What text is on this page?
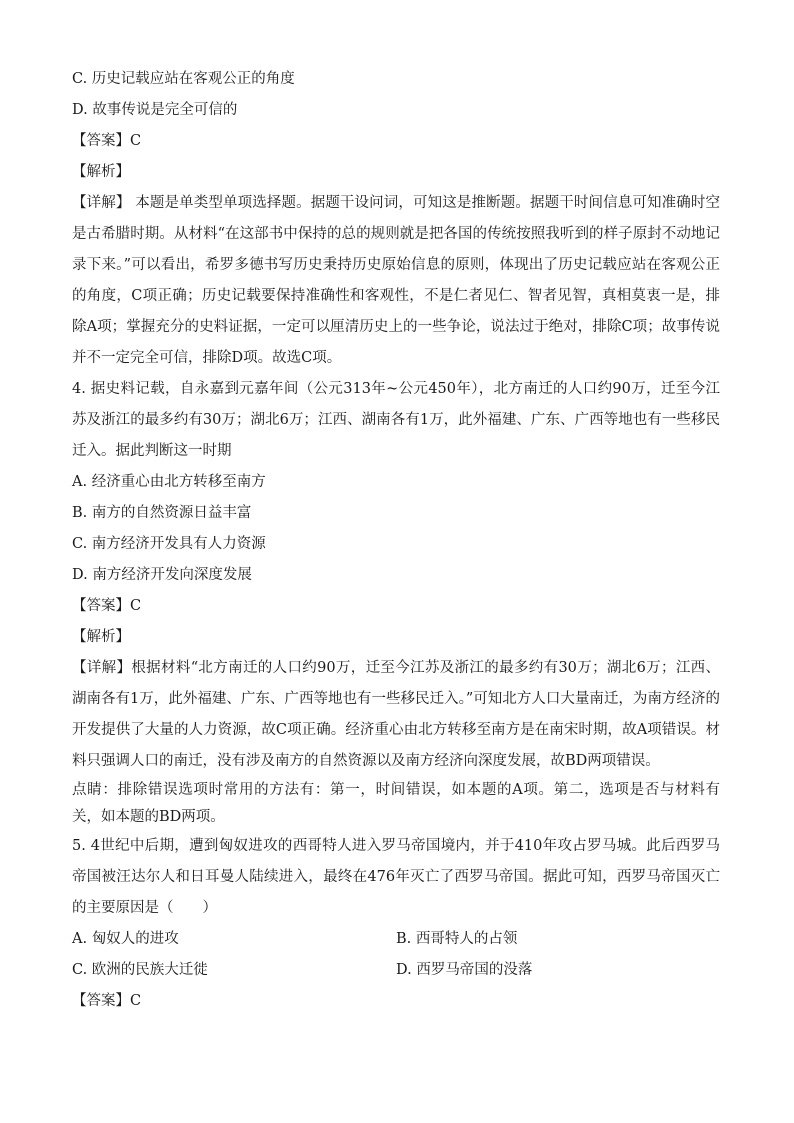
C. 历史记载应站在客观公正的角度

D. 故事传说是完全可信的

【答案】C

【解析】

【详解】 本题是单类型单项选择题。据题干设问词，可知这是推断题。据题干时间信息可知准确时空是古希腊时期。从材料“在这部书中保持的总的规则就是把各国的传统按照我听到的样子原封不动地记录下来。”可以看出，希罗多德书写历史秉持历史原始信息的原则，体现出了历史记载应站在客观公正的角度，C项正确；历史记载要保持准确性和客观性，不是仁者见仁、智者见智，真相莫衷一是，排除A项；掌握充分的史料证据，一定可以厘清历史上的一些争论，说法过于绝对，排除C项；故事传说并不一定完全可信，排除D项。故选C项。

4. 据史料记载，自永嘉到元嘉年间（公元313年~公元450年），北方南迁的人口约90万，迁至今江苏及浙江的最多约有30万；湖北6万；江西、湖南各有1万，此外福建、广东、广西等地也有一些移民迁入。据此判断这一时期

A. 经济重心由北方转移至南方

B. 南方的自然资源日益丰富

C. 南方经济开发具有人力资源

D. 南方经济开发向深度发展

【答案】C

【解析】

【详解】根据材料“北方南迁的人口约90万，迁至今江苏及浙江的最多约有30万；湖北6万；江西、湖南各有1万，此外福建、广东、广西等地也有一些移民迁入。”可知北方人口大量南迁，为南方经济的开发提供了大量的人力资源，故C项正确。经济重心由北方转移至南方是在南宋时期，故A项错误。材料只强调人口的南迁，没有涉及南方的自然资源以及南方经济向深度发展，故BD两项错误。

点睛：排除错误选项时常用的方法有：第一，时间错误，如本题的A项。第二，选项是否与材料有关，如本题的BD两项。

5. 4世纪中后期，遭到匈奴进攻的西哥特人进入罗马帝国境内，并于410年攻占罗马城。此后西罗马帝国被汪达尔人和日耳曼人陆续进入，最终在476年灭亡了西罗马帝国。据此可知，西罗马帝国灭亡的主要原因是（　　）

A. 匈奴人的进攻	B. 西哥特人的占领
C. 欧洲的民族大迁徙	D. 西罗马帝国的没落

【答案】C
